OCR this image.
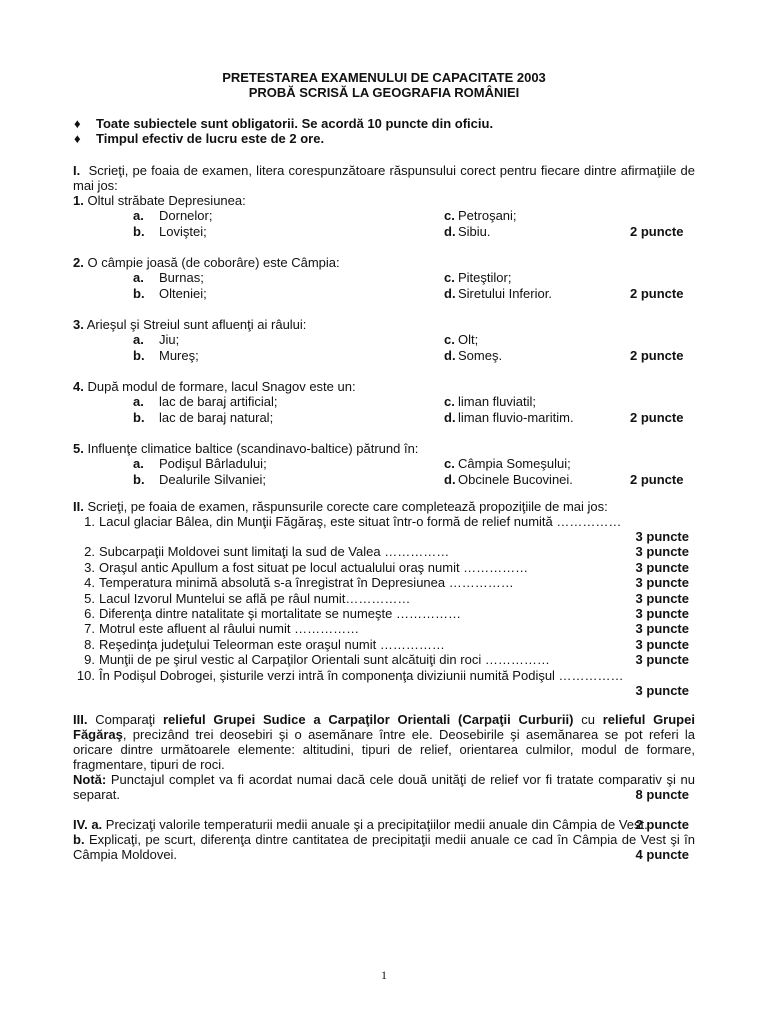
PRETESTAREA EXAMENULUI DE CAPACITATE 2003
PROBĂ SCRISĂ LA GEOGRAFIA ROMÂNIEI
♦	Toate subiectele sunt obligatorii. Se acordă 10 puncte din oficiu.
♦	Timpul efectiv de lucru este de 2 ore.
I. Scrieţi, pe foaia de examen, litera corespunzătoare răspunsului corect pentru fiecare dintre afirmaţiile de mai jos:
1. Oltul străbate Depresiunea:
a.	Dornelor;	c. Petroşani;
b.	Loviştei;	d. Sibiu.	2 puncte
2. O câmpie joasă (de coborâre) este Câmpia:
a.	Burnas;	c. Piteştilor;
b.	Olteniei;	d. Siretului Inferior.	2 puncte
3. Arieşul şi Streiul sunt afluenţi ai râului:
a.	Jiu;	c. Olt;
b.	Mureş;	d. Someş.	2 puncte
4. După modul de formare, lacul Snagov este un:
a.	lac de baraj artificial;	c. liman fluviatil;
b.	lac de baraj natural;	d. liman fluvio-maritim.	2 puncte
5. Influenţe climatice baltice (scandinavo-baltice) pătrund în:
a.	Podişul Bârladului;	c. Câmpia Someşului;
b.	Dealurile Silvaniei;	d. Obcinele Bucovinei.	2 puncte
II. Scrieţi, pe foaia de examen, răspunsurile corecte care completează propoziţiile de mai jos:
1. Lacul glaciar Bâlea, din Munţii Făgăraş, este situat într-o formă de relief numită ……………
3 puncte
2. Subcarpaţii Moldovei sunt limitaţi la sud de Valea ……………	3 puncte
3. Oraşul antic Apullum a fost situat pe locul actualului oraş numit ……………	3 puncte
4. Temperatura minimă absolută s-a înregistrat în Depresiunea ……………	3 puncte
5. Lacul Izvorul Muntelui se află pe râul numit……………	3 puncte
6. Diferenţa dintre natalitate şi mortalitate se numeşte ……………	3 puncte
7. Motrul este afluent al râului numit ……………	3 puncte
8. Reşedinţa judeţului Teleorman este oraşul numit ……………	3 puncte
9. Munţii de pe şirul vestic al Carpaţilor Orientali sunt alcătuiţi din roci ……………	3 puncte
10. În Podişul Dobrogei, şisturile verzi intră în componenţa diviziunii numită Podişul ……………
3 puncte
III. Comparaţi relieful Grupei Sudice a Carpaţilor Orientali (Carpaţii Curburii) cu relieful Grupei Făgăraş, precizând trei deosebiri şi o asemănare între ele. Deosebirile şi asemănarea se pot referi la oricare dintre următoarele elemente: altitudini, tipuri de relief, orientarea culmilor, modul de formare, fragmentare, tipuri de roci.
Notă: Punctajul complet va fi acordat numai dacă cele două unităţi de relief vor fi tratate comparativ şi nu separat.	8 puncte
IV. a. Precizaţi valorile temperaturii medii anuale şi a precipitaţiilor medii anuale din Câmpia de Vest.
2 puncte
b. Explicaţi, pe scurt, diferenţa dintre cantitatea de precipitaţii medii anuale ce cad în Câmpia de Vest şi în Câmpia Moldovei.	4 puncte
1
